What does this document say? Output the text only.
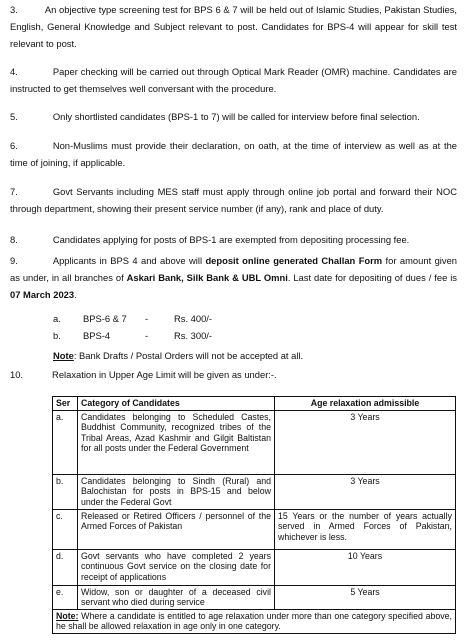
3.	An objective type screening test for BPS 6 & 7 will be held out of Islamic Studies, Pakistan Studies, English, General Knowledge and Subject relevant to post. Candidates for BPS-4 will appear for skill test relevant to post.
4.	Paper checking will be carried out through Optical Mark Reader (OMR) machine. Candidates are instructed to get themselves well conversant with the procedure.
5.	Only shortlisted candidates (BPS-1 to 7) will be called for interview before final selection.
6.	Non-Muslims must provide their declaration, on oath, at the time of interview as well as at the time of joining, if applicable.
7.	Govt Servants including MES staff must apply through online job portal and forward their NOC through department, showing their present service number (if any), rank and place of duty.
8.	Candidates applying for posts of BPS-1 are exempted from depositing processing fee.
9.	Applicants in BPS 4 and above will deposit online generated Challan Form for amount given as under, in all branches of Askari Bank, Silk Bank & UBL Omni. Last date for depositing of dues / fee is 07 March 2023.
a. BPS-6 & 7 -	Rs. 400/-
b. BPS-4	-	Rs. 300/-
Note: Bank Drafts / Postal Orders will not be accepted at all.
10.	Relaxation in Upper Age Limit will be given as under:-.
Ser	Category of Candidates	Age relaxation admissible
a.	Candidates belonging to Scheduled Castes, Buddhist Community, recognized tribes of the Tribal Areas, Azad Kashmir and Gilgit Baltistan for all posts under the Federal Government	3 Years
b.	Candidates belonging to Sindh (Rural) and Balochistan for posts in BPS-15 and below under the Federal Govt	3 Years
c.	Released or Retired Officers / personnel of the Armed Forces of Pakistan	15 Years or the number of years actually served in Armed Forces of Pakistan, whichever is less.
d.	Govt servants who have completed 2 years continuous Govt service on the closing date for receipt of applications	10 Years
e.	Widow, son or daughter of a deceased civil servant who died during service	5 Years
Note: Where a candidate is entitled to age relaxation under more than one category specified above, he shall be allowed relaxation in age only in one category.		
